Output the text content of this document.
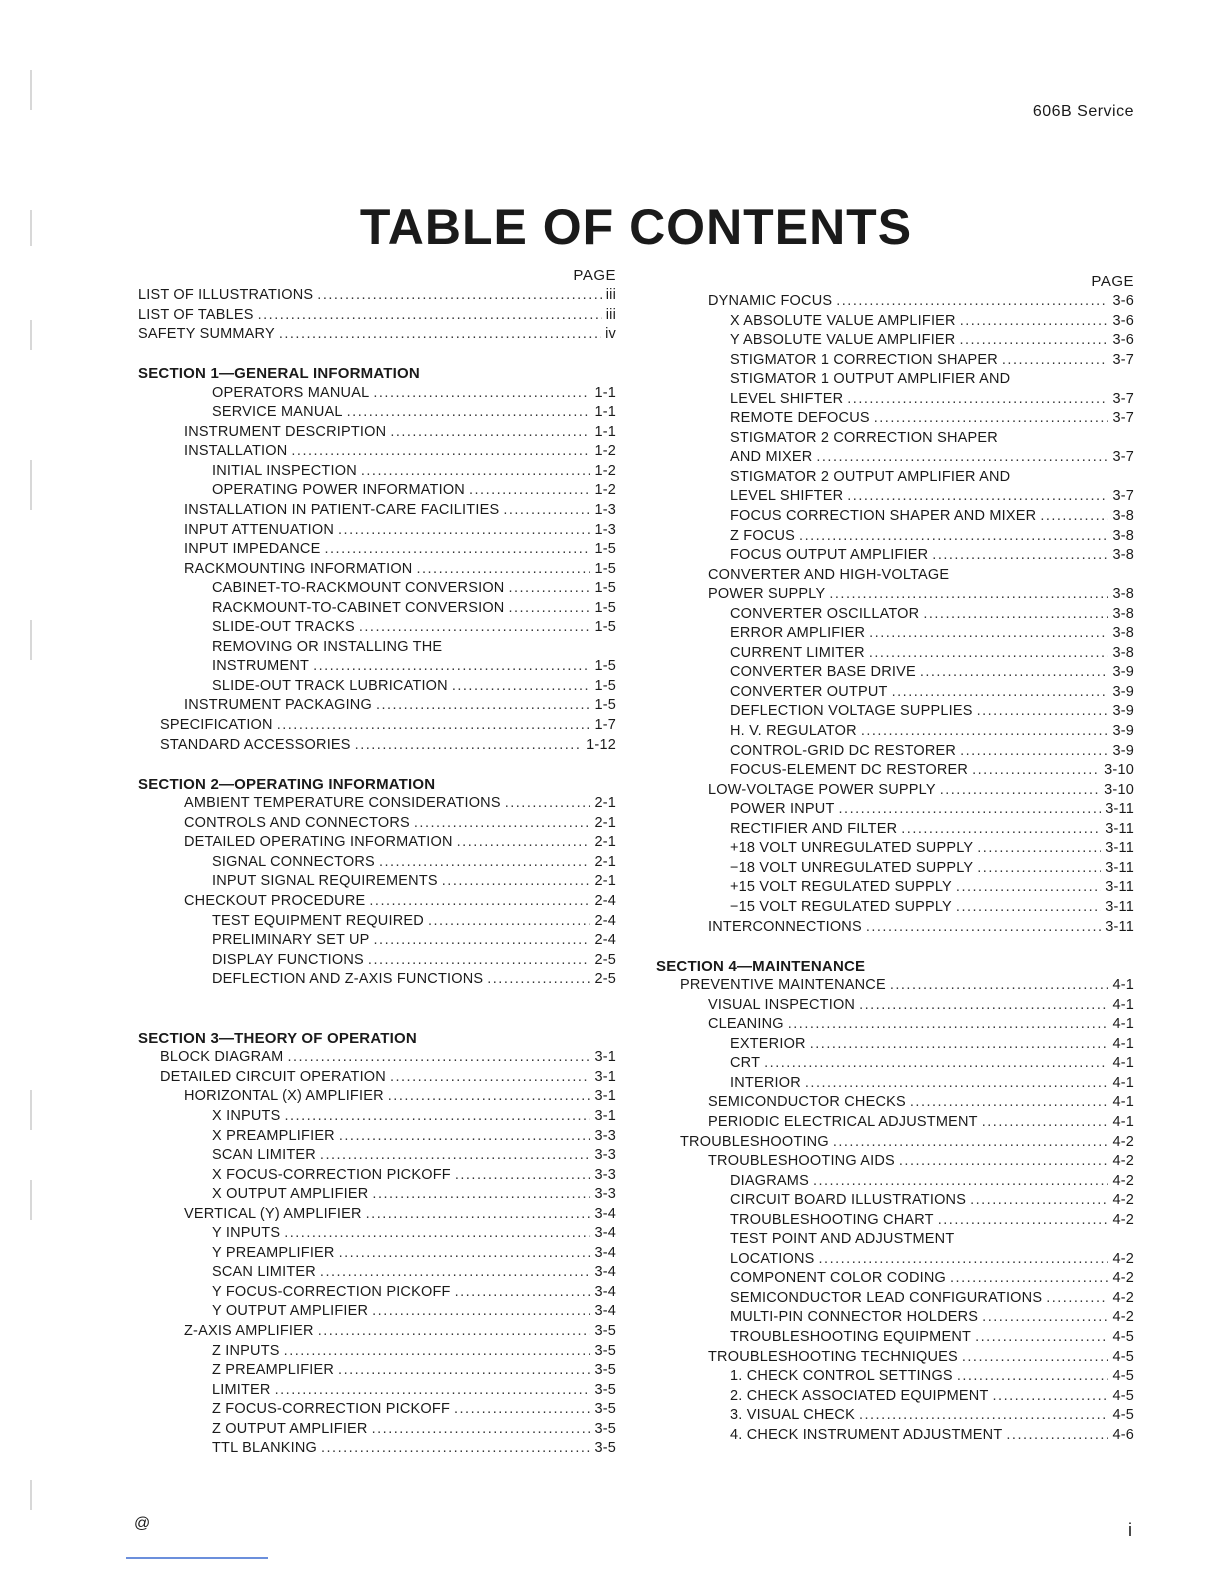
606B Service
TABLE OF CONTENTS
PAGE
LIST OF ILLUSTRATIONS .....	iii
LIST OF TABLES .....	iii
SAFETY SUMMARY .....	iv
SECTION 1—GENERAL INFORMATION
OPERATORS MANUAL .....	1-1
SERVICE MANUAL .....	1-1
INSTRUMENT DESCRIPTION .....	1-1
INSTALLATION .....	1-2
INITIAL INSPECTION .....	1-2
OPERATING POWER INFORMATION .....	1-2
INSTALLATION IN PATIENT-CARE FACILITIES .....	1-3
INPUT ATTENUATION .....	1-3
INPUT IMPEDANCE .....	1-5
RACKMOUNTING INFORMATION .....	1-5
CABINET-TO-RACKMOUNT CONVERSION .....	1-5
RACKMOUNT-TO-CABINET CONVERSION .....	1-5
SLIDE-OUT TRACKS .....	1-5
REMOVING OR INSTALLING THE
INSTRUMENT .....	1-5
SLIDE-OUT TRACK LUBRICATION .....	1-5
INSTRUMENT PACKAGING .....	1-5
SPECIFICATION .....	1-7
STANDARD ACCESSORIES .....	1-12
SECTION 2—OPERATING INFORMATION
AMBIENT TEMPERATURE CONSIDERATIONS .....	2-1
CONTROLS AND CONNECTORS .....	2-1
DETAILED OPERATING INFORMATION .....	2-1
SIGNAL CONNECTORS .....	2-1
INPUT SIGNAL REQUIREMENTS .....	2-1
CHECKOUT PROCEDURE .....	2-4
TEST EQUIPMENT REQUIRED .....	2-4
PRELIMINARY SET UP .....	2-4
DISPLAY FUNCTIONS .....	2-5
DEFLECTION AND Z-AXIS FUNCTIONS .....	2-5
SECTION 3—THEORY OF OPERATION
BLOCK DIAGRAM .....	3-1
DETAILED CIRCUIT OPERATION .....	3-1
HORIZONTAL (X) AMPLIFIER .....	3-1
X INPUTS .....	3-1
X PREAMPLIFIER .....	3-3
SCAN LIMITER .....	3-3
X FOCUS-CORRECTION PICKOFF .....	3-3
X OUTPUT AMPLIFIER .....	3-3
VERTICAL (Y) AMPLIFIER .....	3-4
Y INPUTS .....	3-4
Y PREAMPLIFIER .....	3-4
SCAN LIMITER .....	3-4
Y FOCUS-CORRECTION PICKOFF .....	3-4
Y OUTPUT AMPLIFIER .....	3-4
Z-AXIS AMPLIFIER .....	3-5
Z INPUTS .....	3-5
Z PREAMPLIFIER .....	3-5
LIMITER .....	3-5
Z FOCUS-CORRECTION PICKOFF .....	3-5
Z OUTPUT AMPLIFIER .....	3-5
TTL BLANKING .....	3-5
PAGE
DYNAMIC FOCUS .....	3-6
X ABSOLUTE VALUE AMPLIFIER .....	3-6
Y ABSOLUTE VALUE AMPLIFIER .....	3-6
STIGMATOR 1 CORRECTION SHAPER .....	3-7
STIGMATOR 1 OUTPUT AMPLIFIER AND
LEVEL SHIFTER .....	3-7
REMOTE DEFOCUS .....	3-7
STIGMATOR 2 CORRECTION SHAPER
AND MIXER .....	3-7
STIGMATOR 2 OUTPUT AMPLIFIER AND
LEVEL SHIFTER .....	3-7
FOCUS CORRECTION SHAPER AND MIXER .....	3-8
Z FOCUS .....	3-8
FOCUS OUTPUT AMPLIFIER .....	3-8
CONVERTER AND HIGH-VOLTAGE
POWER SUPPLY .....	3-8
CONVERTER OSCILLATOR .....	3-8
ERROR AMPLIFIER .....	3-8
CURRENT LIMITER .....	3-8
CONVERTER BASE DRIVE .....	3-9
CONVERTER OUTPUT .....	3-9
DEFLECTION VOLTAGE SUPPLIES .....	3-9
H. V. REGULATOR .....	3-9
CONTROL-GRID DC RESTORER .....	3-9
FOCUS-ELEMENT DC RESTORER .....	3-10
LOW-VOLTAGE POWER SUPPLY .....	3-10
POWER INPUT .....	3-11
RECTIFIER AND FILTER .....	3-11
+18 VOLT UNREGULATED SUPPLY .....	3-11
−18 VOLT UNREGULATED SUPPLY .....	3-11
+15 VOLT REGULATED SUPPLY .....	3-11
−15 VOLT REGULATED SUPPLY .....	3-11
INTERCONNECTIONS .....	3-11
SECTION 4—MAINTENANCE
PREVENTIVE MAINTENANCE .....	4-1
VISUAL INSPECTION .....	4-1
CLEANING .....	4-1
EXTERIOR .....	4-1
CRT .....	4-1
INTERIOR .....	4-1
SEMICONDUCTOR CHECKS .....	4-1
PERIODIC ELECTRICAL ADJUSTMENT .....	4-1
TROUBLESHOOTING .....	4-2
TROUBLESHOOTING AIDS .....	4-2
DIAGRAMS .....	4-2
CIRCUIT BOARD ILLUSTRATIONS .....	4-2
TROUBLESHOOTING CHART .....	4-2
TEST POINT AND ADJUSTMENT
LOCATIONS .....	4-2
COMPONENT COLOR CODING .....	4-2
SEMICONDUCTOR LEAD CONFIGURATIONS .....	4-2
MULTI-PIN CONNECTOR HOLDERS .....	4-2
TROUBLESHOOTING EQUIPMENT .....	4-5
TROUBLESHOOTING TECHNIQUES .....	4-5
1. CHECK CONTROL SETTINGS .....	4-5
2. CHECK ASSOCIATED EQUIPMENT .....	4-5
3. VISUAL CHECK .....	4-5
4. CHECK INSTRUMENT ADJUSTMENT .....	4-6
@	i
